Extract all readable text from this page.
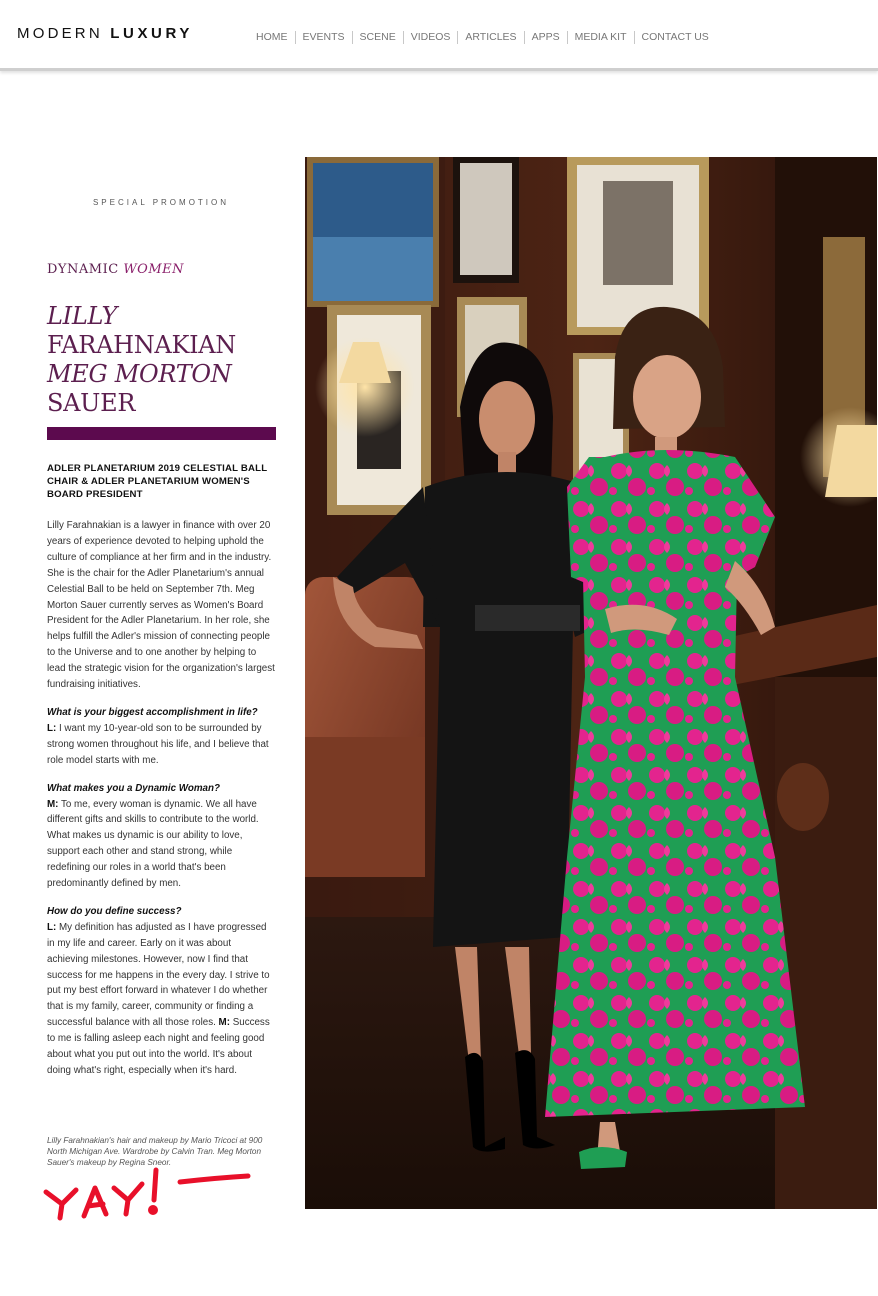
MODERN LUXURY	HOME	EVENTS	SCENE	VIDEOS	ARTICLES	APPS	MEDIA KIT	CONTACT US
SPECIAL PROMOTION
DYNAMIC WOMEN
LILLY
FARAHNAKIAN
MEG MORTON
SAUER
ADLER PLANETARIUM 2019 CELESTIAL BALL CHAIR & ADLER PLANETARIUM WOMEN'S BOARD PRESIDENT

Lilly Farahnakian is a lawyer in finance with over 20 years of experience devoted to helping uphold the culture of compliance at her firm and in the industry. She is the chair for the Adler Planetarium's annual Celestial Ball to be held on September 7th. Meg Morton Sauer currently serves as Women's Board President for the Adler Planetarium. In her role, she helps fulfill the Adler's mission of connecting people to the Universe and to one another by helping to lead the strategic vision for the organization's largest fundraising initiatives.

What is your biggest accomplishment in life?
L: I want my 10-year-old son to be surrounded by strong women throughout his life, and I believe that role model starts with me.

What makes you a Dynamic Woman?
M: To me, every woman is dynamic. We all have different gifts and skills to contribute to the world. What makes us dynamic is our ability to love, support each other and stand strong, while redefining our roles in a world that's been predominantly defined by men.

How do you define success?
L: My definition has adjusted as I have progressed in my life and career. Early on it was about achieving milestones. However, now I find that success for me happens in the every day. I strive to put my best effort forward in whatever I do whether that is my family, career, community or finding a successful balance with all those roles. M: Success to me is falling asleep each night and feeling good about what you put out into the world. It's about doing what's right, especially when it's hard.

Lilly Farahnakian's hair and makeup by Mario Tricoci at 900 North Michigan Ave. Wardrobe by Calvin Tran. Meg Morton Sauer's makeup by Regina Sneor.
